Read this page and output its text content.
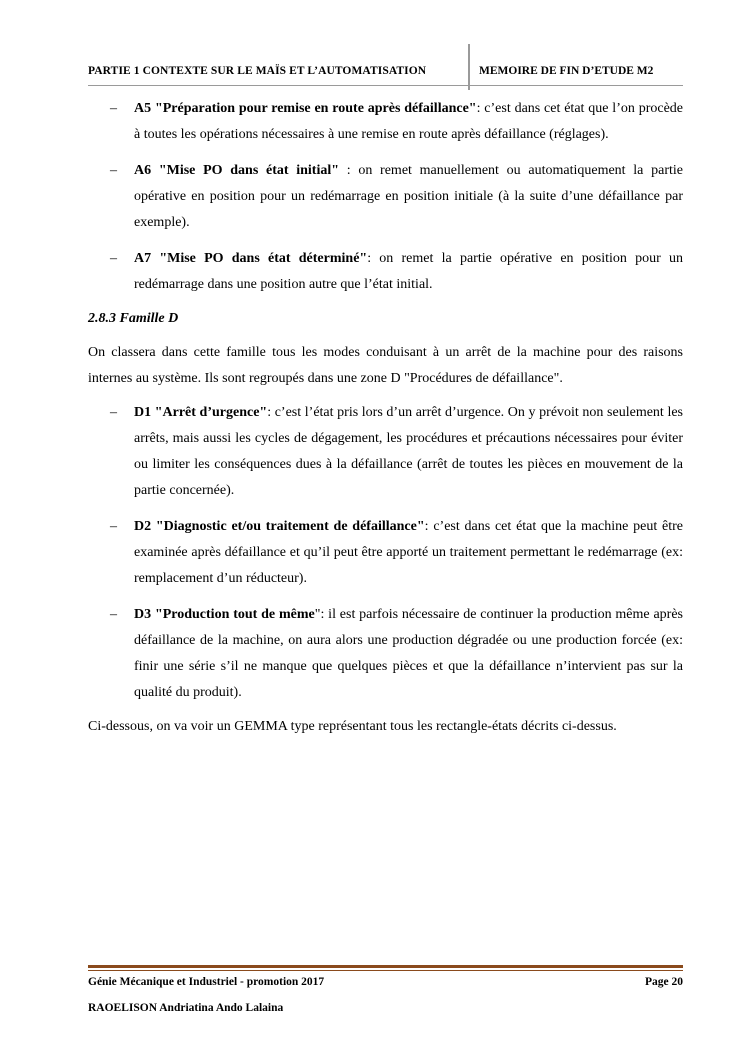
PARTIE 1 CONTEXTE SUR LE MAÏS ET L’AUTOMATISATION	MEMOIRE DE FIN D’ETUDE M2
– A5 "Préparation pour remise en route après défaillance": c’est dans cet état que l’on procède à toutes les opérations nécessaires à une remise en route après défaillance (réglages).
– A6 "Mise PO dans état initial" : on remet manuellement ou automatiquement la partie opérative en position pour un redémarrage en position initiale (à la suite d’une défaillance par exemple).
– A7 "Mise PO dans état déterminé": on remet la partie opérative en position pour un redémarrage dans une position autre que l’état initial.

2.8.3 Famille D

On classera dans cette famille tous les modes conduisant à un arrêt de la machine pour des raisons internes au système. Ils sont regroupés dans une zone D "Procédures de défaillance".

– D1 "Arrêt d’urgence": c’est l’état pris lors d’un arrêt d’urgence. On y prévoit non seulement les arrêts, mais aussi les cycles de dégagement, les procédures et précautions nécessaires pour éviter ou limiter les conséquences dues à la défaillance (arrêt de toutes les pièces en mouvement de la partie concernée).
– D2 "Diagnostic et/ou traitement de défaillance": c’est dans cet état que la machine peut être examinée après défaillance et qu’il peut être apporté un traitement permettant le redémarrage (ex: remplacement d’un réducteur).
– D3 "Production tout de même": il est parfois nécessaire de continuer la production même après défaillance de la machine, on aura alors une production dégradée ou une production forcée (ex: finir une série s’il ne manque que quelques pièces et que la défaillance n’intervient pas sur la qualité du produit).

Ci-dessous, on va voir un GEMMA type représentant tous les rectangle-états décrits ci-dessus.

Génie Mécanique et Industriel - promotion 2017	Page 20
RAOELISON Andriatina Ando Lalaina
